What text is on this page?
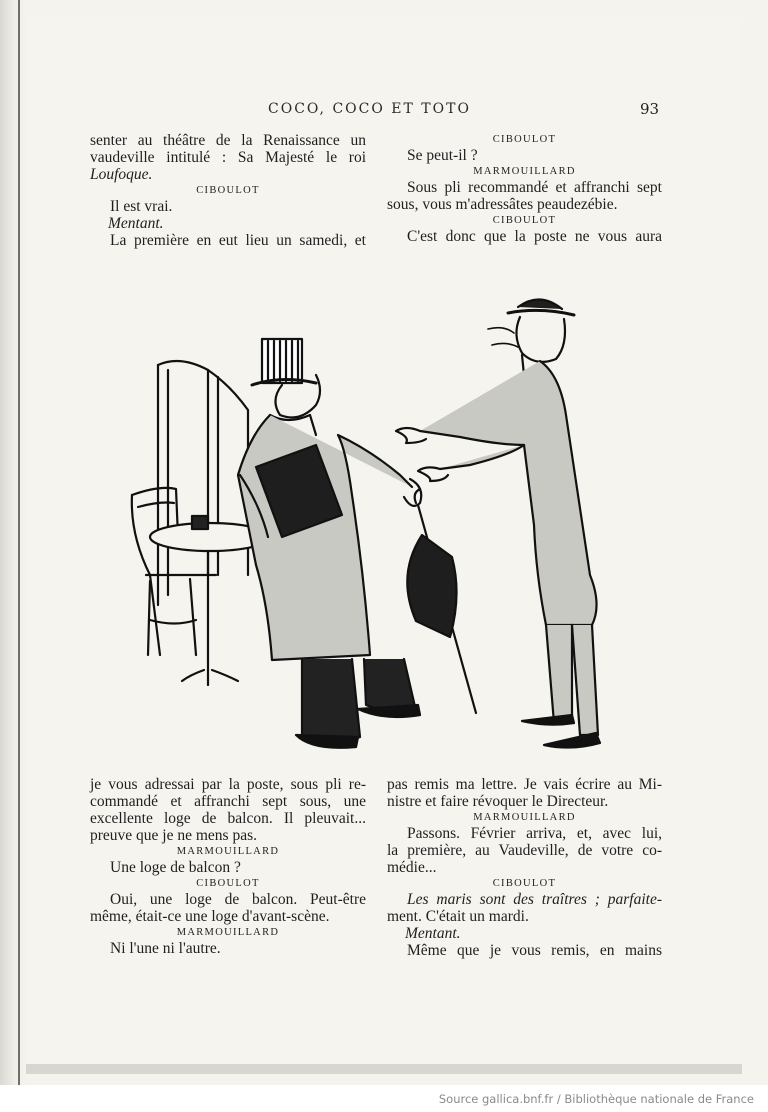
COCO, COCO ET TOTO	93

senter au théâtre de la Renaissance un

vaudeville intitulé : Sa Majesté le roi

Loufoque.

CIBOULOT

Il est vrai.

Mentant.

La première en eut lieu un samedi, et

CIBOULOT

Se peut-il ?

MARMOUILLARD

Sous pli recommandé et affranchi sept

sous, vous m'adressâtes peaudezébie.

CIBOULOT

C'est donc que la poste ne vous aura

je vous adressai par la poste, sous pli re-

commandé et affranchi sept sous, une

excellente loge de balcon. Il pleuvait...

preuve que je ne mens pas.

MARMOUILLARD

Une loge de balcon ?

CIBOULOT

Oui, une loge de balcon. Peut-être

même, était-ce une loge d'avant-scène.

MARMOUILLARD

Ni l'une ni l'autre.

pas remis ma lettre. Je vais écrire au Mi-

nistre et faire révoquer le Directeur.

MARMOUILLARD

Passons. Février arriva, et, avec lui,

la première, au Vaudeville, de votre co-

médie...

CIBOULOT

Les maris sont des traîtres ; parfaite-

ment. C'était un mardi.

Mentant.

Même que je vous remis, en mains

Source gallica.bnf.fr / Bibliothèque nationale de France
